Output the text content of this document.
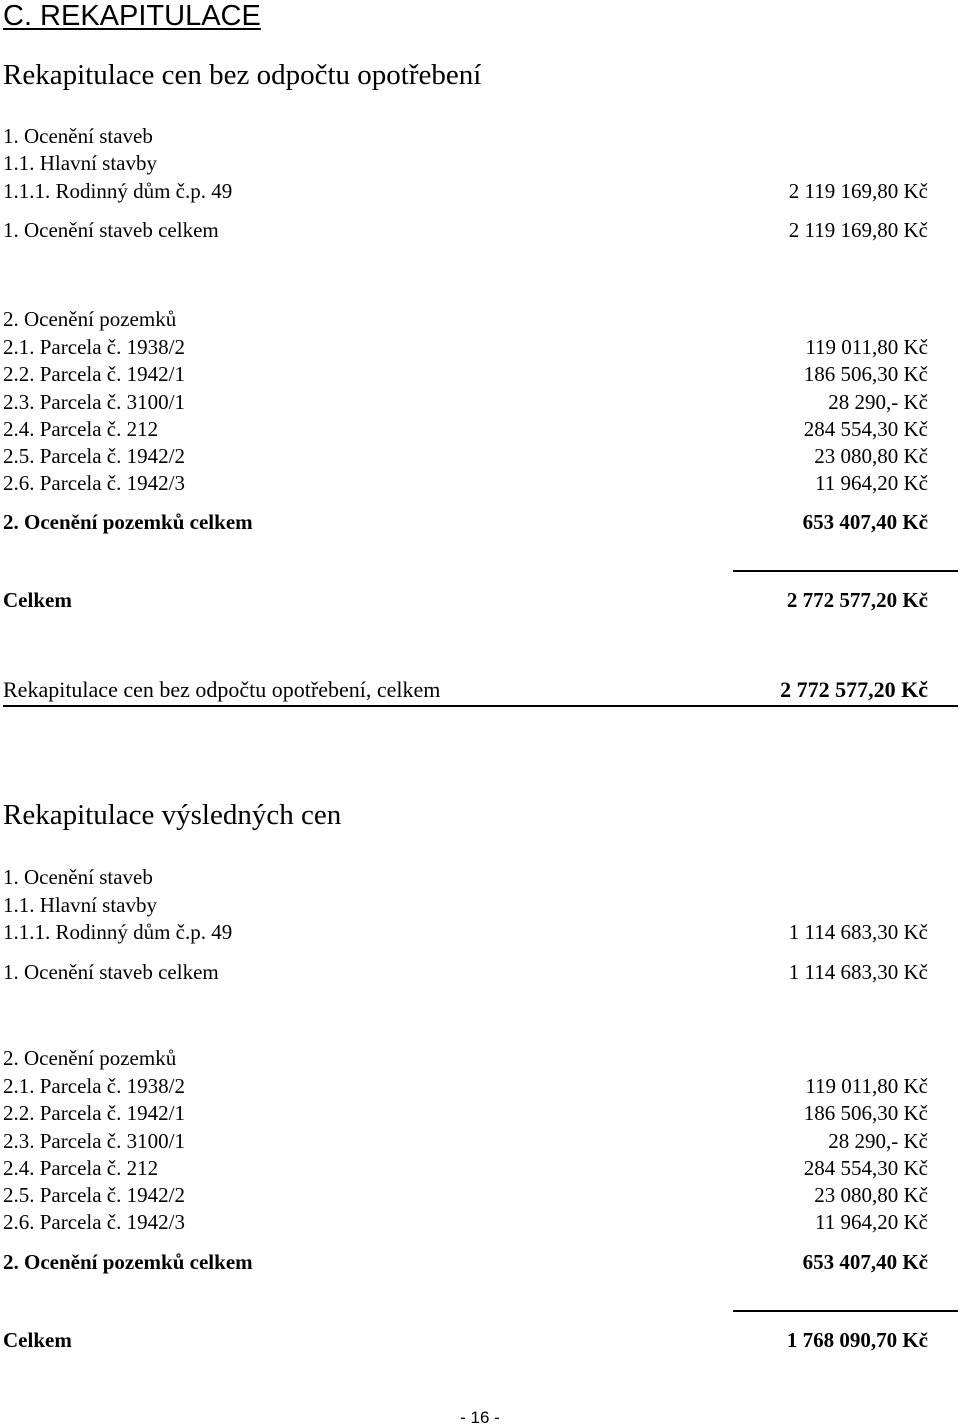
C. REKAPITULACE
Rekapitulace cen bez odpočtu opotřebení
1. Ocenění staveb
1.1. Hlavní stavby
1.1.1. Rodinný dům č.p. 49	2 119 169,80 Kč
1. Ocenění staveb celkem	2 119 169,80 Kč
2. Ocenění pozemků
2.1. Parcela č. 1938/2	119 011,80 Kč
2.2. Parcela č. 1942/1	186 506,30 Kč
2.3. Parcela č. 3100/1	28 290,- Kč
2.4. Parcela č. 212	284 554,30 Kč
2.5. Parcela č. 1942/2	23 080,80 Kč
2.6. Parcela č. 1942/3	11 964,20 Kč
2. Ocenění pozemků celkem	653 407,40 Kč
Celkem	2 772 577,20 Kč
Rekapitulace cen bez odpočtu opotřebení, celkem	2 772 577,20 Kč
Rekapitulace výsledných cen
1. Ocenění staveb
1.1. Hlavní stavby
1.1.1. Rodinný dům č.p. 49	1 114 683,30 Kč
1. Ocenění staveb celkem	1 114 683,30 Kč
2. Ocenění pozemků
2.1. Parcela č. 1938/2	119 011,80 Kč
2.2. Parcela č. 1942/1	186 506,30 Kč
2.3. Parcela č. 3100/1	28 290,- Kč
2.4. Parcela č. 212	284 554,30 Kč
2.5. Parcela č. 1942/2	23 080,80 Kč
2.6. Parcela č. 1942/3	11 964,20 Kč
2. Ocenění pozemků celkem	653 407,40 Kč
Celkem	1 768 090,70 Kč
- 16 -
